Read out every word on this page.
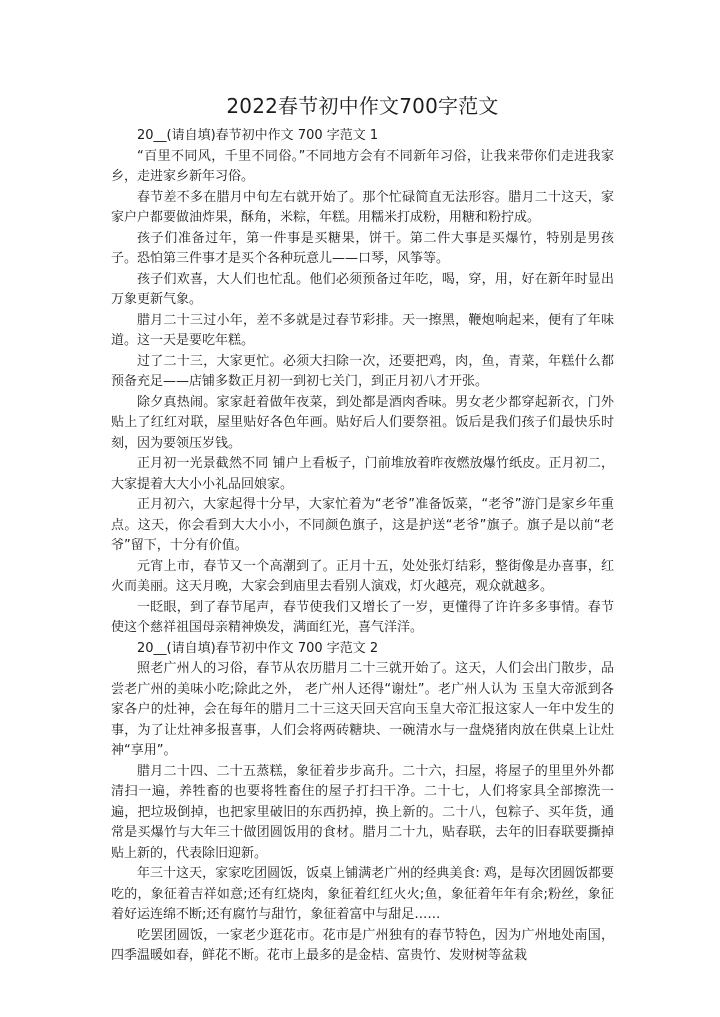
2022春节初中作文700字范文

20__(请自填)春节初中作文 700 字范文 1

“百里不同风，千里不同俗。”不同地方会有不同新年习俗，让我来带你们走进我家乡，走进家乡新年习俗。

春节差不多在腊月中旬左右就开始了。那个忙碌简直无法形容。腊月二十这天，家家户户都要做油炸果，酥角，米粽，年糕。用糯米打成粉，用糖和粉拧成。

孩子们准备过年，第一件事是买糖果，饼干。第二件大事是买爆竹，特别是男孩子。恐怕第三件事才是买个各种玩意儿——口琴，风筝等。

孩子们欢喜，大人们也忙乱。他们必须预备过年吃，喝，穿，用，好在新年时显出万象更新气象。

腊月二十三过小年，差不多就是过春节彩排。天一擦黑，鞭炮响起来，便有了年味道。这一天是要吃年糕。

过了二十三，大家更忙。必须大扫除一次，还要把鸡，肉，鱼，青菜，年糕什么都预备充足——店铺多数正月初一到初七关门，到正月初八才开张。

除夕真热闹。家家赶着做年夜菜，到处都是酒肉香味。男女老少都穿起新衣，门外贴上了红红对联，屋里贴好各色年画。贴好后人们要祭祖。饭后是我们孩子们最快乐时刻，因为要领压岁钱。

正月初一光景截然不同 铺户上看板子，门前堆放着昨夜燃放爆竹纸皮。正月初二，大家提着大大小小礼品回娘家。

正月初六，大家起得十分早，大家忙着为“老爷”准备饭菜，“老爷”游门是家乡年重点。这天，你会看到大大小小，不同颜色旗子，这是护送“老爷”旗子。旗子是以前“老爷”留下，十分有价值。

元宵上市，春节又一个高潮到了。正月十五，处处张灯结彩，整街像是办喜事，红火而美丽。这天月晚，大家会到庙里去看别人演戏，灯火越亮，观众就越多。

一眨眼，到了春节尾声，春节使我们又增长了一岁，更懂得了许许多多事情。春节使这个慈祥祖国母亲精神焕发，满面红光，喜气洋洋。

20__(请自填)春节初中作文 700 字范文 2

照老广州人的习俗，春节从农历腊月二十三就开始了。这天，人们会出门散步，品尝老广州的美味小吃;除此之外， 老广州人还得“谢灶”。老广州人认为 玉皇大帝派到各家各户的灶神，会在每年的腊月二十三这天回天宫向玉皇大帝汇报这家人一年中发生的事，为了让灶神多报喜事，人们会将两砖糖块、一碗清水与一盘烧猪肉放在供桌上让灶神“享用”。

腊月二十四、二十五蒸糕，象征着步步高升。二十六，扫屋，将屋子的里里外外都清扫一遍，养牲畜的也要将牲畜住的屋子打扫干净。二十七，人们将家具全部擦洗一遍，把垃圾倒掉，也把家里破旧的东西扔掉，换上新的。二十八，包粽子、买年货，通常是买爆竹与大年三十做团圆饭用的食材。腊月二十九，贴春联，去年的旧春联要撕掉贴上新的，代表除旧迎新。

年三十这天，家家吃团圆饭，饭桌上铺满老广州的经典美食: 鸡，是每次团圆饭都要吃的，象征着吉祥如意;还有红烧肉，象征着红红火火;鱼，象征着年年有余;粉丝，象征着好运连绵不断;还有腐竹与甜竹，象征着富中与甜足……

吃罢团圆饭，一家老少逛花市。花市是广州独有的春节特色，因为广州地处南国，四季温暖如春，鲜花不断。花市上最多的是金桔、富贵竹、发财树等盆栽
